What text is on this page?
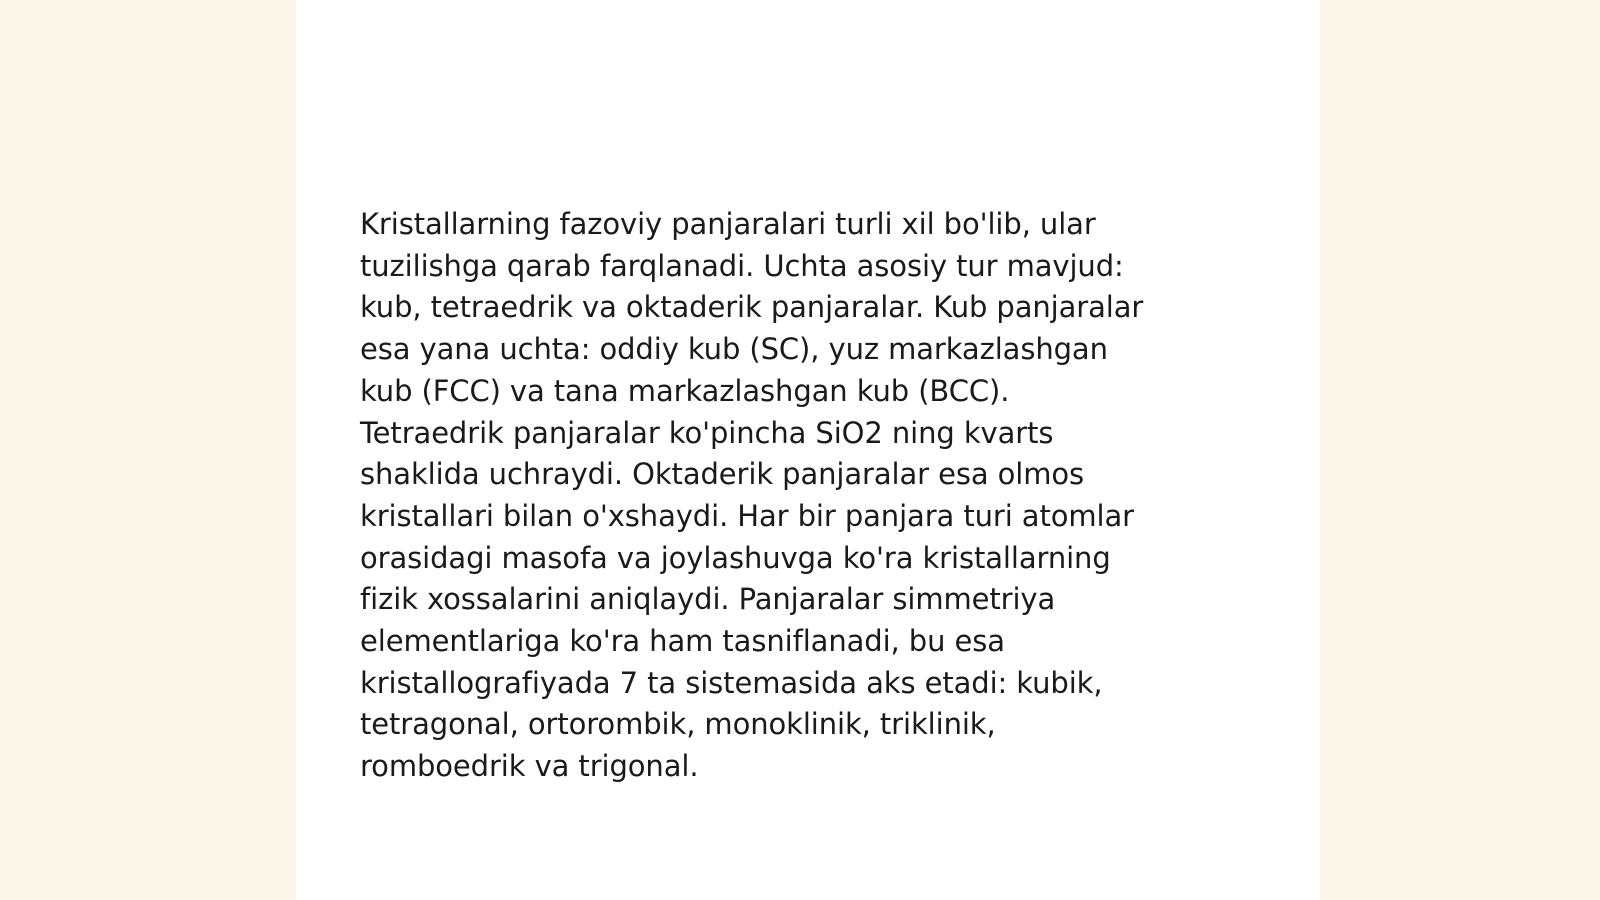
Kristallarning fazoviy panjaralari turli xil bo'lib, ular
tuzilishga qarab farqlanadi. Uchta asosiy tur mavjud:
kub, tetraedrik va oktaderik panjaralar. Kub panjaralar
esa yana uchta: oddiy kub (SC), yuz markazlashgan
kub (FCC) va tana markazlashgan kub (BCC).
Tetraedrik panjaralar ko'pincha SiO2 ning kvarts
shaklida uchraydi. Oktaderik panjaralar esa olmos
kristallari bilan o'xshaydi. Har bir panjara turi atomlar
orasidagi masofa va joylashuvga ko'ra kristallarning
fizik xossalarini aniqlaydi. Panjaralar simmetriya
elementlariga ko'ra ham tasniflanadi, bu esa
kristallografiyada 7 ta sistemasida aks etadi: kubik,
tetragonal, ortorombik, monoklinik, triklinik,
romboedrik va trigonal.
